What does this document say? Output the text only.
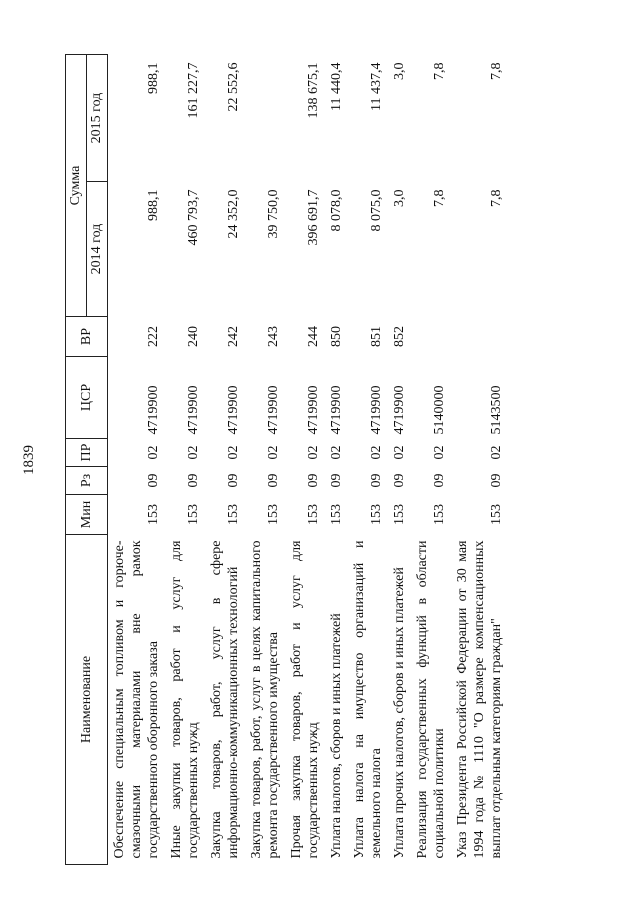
1839
Наименование	Мин	Рз	ПР	ЦСР	ВР	Сумма	
						2014 год	2015 год
Обеспечение специальным топливом и горюче-смазочными материалами вне рамок государственного оборонного заказа	153	09	02	4719900	222	988,1	988,1
Иные закупки товаров, работ и услуг для государственных нужд	153	09	02	4719900	240	460 793,7	161 227,7
Закупка товаров, работ, услуг в сфере информационно-коммуникационных технологий	153	09	02	4719900	242	24 352,0	22 552,6
Закупка товаров, работ, услуг в целях капитального ремонта государственного имущества	153	09	02	4719900	243	39 750,0	
Прочая закупка товаров, работ и услуг для государственных нужд	153	09	02	4719900	244	396 691,7	138 675,1
Уплата налогов, сборов и иных платежей	153	09	02	4719900	850	8 078,0	11 440,4
Уплата налога на имущество организаций и земельного налога	153	09	02	4719900	851	8 075,0	11 437,4
Уплата прочих налогов, сборов и иных платежей	153	09	02	4719900	852	3,0	3,0
Реализация государственных функций в области социальной политики	153	09	02	5140000		7,8	7,8
Указ Президента Российской Федерации от 30 мая 1994 года № 1110 "О размере компенсационных выплат отдельным категориям граждан"	153	09	02	5143500		7,8	7,8
